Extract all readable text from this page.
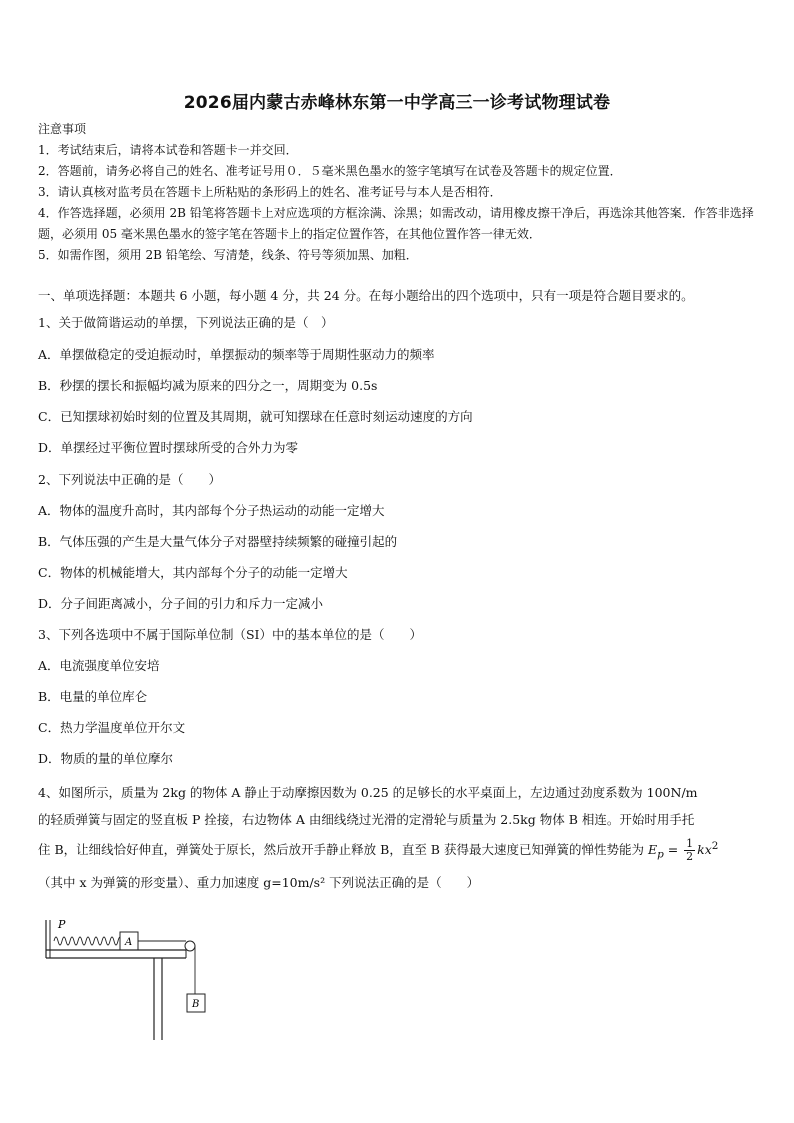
2026届内蒙古赤峰林东第一中学高三一诊考试物理试卷
注意事项

1．考试结束后，请将本试卷和答题卡一并交回．

2．答题前，请务必将自己的姓名、准考证号用０．５毫米黑色墨水的签字笔填写在试卷及答题卡的规定位置．

3．请认真核对监考员在答题卡上所粘贴的条形码上的姓名、准考证号与本人是否相符．

4．作答选择题，必须用 2B 铅笔将答题卡上对应选项的方框涂满、涂黑；如需改动，请用橡皮擦干净后，再选涂其他答案．作答非选择题，必须用 05 毫米黑色墨水的签字笔在答题卡上的指定位置作答，在其他位置作答一律无效．

5．如需作图，须用 2B 铅笔绘、写清楚，线条、符号等须加黑、加粗．

一、单项选择题：本题共 6 小题，每小题 4 分，共 24 分。在每小题给出的四个选项中，只有一项是符合题目要求的。
1、关于做简谐运动的单摆，下列说法正确的是（　）
A．单摆做稳定的受迫振动时，单摆振动的频率等于周期性驱动力的频率
B．秒摆的摆长和振幅均减为原来的四分之一，周期变为 0.5s
C．已知摆球初始时刻的位置及其周期，就可知摆球在任意时刻运动速度的方向
D．单摆经过平衡位置时摆球所受的合外力为零
2、下列说法中正确的是（　　）
A．物体的温度升高时，其内部每个分子热运动的动能一定增大
B．气体压强的产生是大量气体分子对器壁持续频繁的碰撞引起的
C．物体的机械能增大，其内部每个分子的动能一定增大
D．分子间距离减小，分子间的引力和斥力一定减小
3、下列各选项中不属于国际单位制（SI）中的基本单位的是（　　）
A．电流强度单位安培
B．电量的单位库仑
C．热力学温度单位开尔文
D．物质的量的单位摩尔

4、如图所示，质量为 2kg 的物体 A 静止于动摩擦因数为 0.25 的足够长的水平桌面上，左边通过劲度系数为 100N/m

的轻质弹簧与固定的竖直板 P 拴接，右边物体 A 由细线绕过光滑的定滑轮与质量为 2.5kg 物体 B 相连。开始时用手托

住 B，让细线恰好伸直，弹簧处于原长，然后放开手静止释放 B，直至 B 获得最大速度已知弹簧的惮性势能为 $E_p = \frac{1}{2} kx^2$

（其中 x 为弹簧的形变量）、重力加速度 g=10m/s² 下列说法正确的是（　　）

P
A
B
